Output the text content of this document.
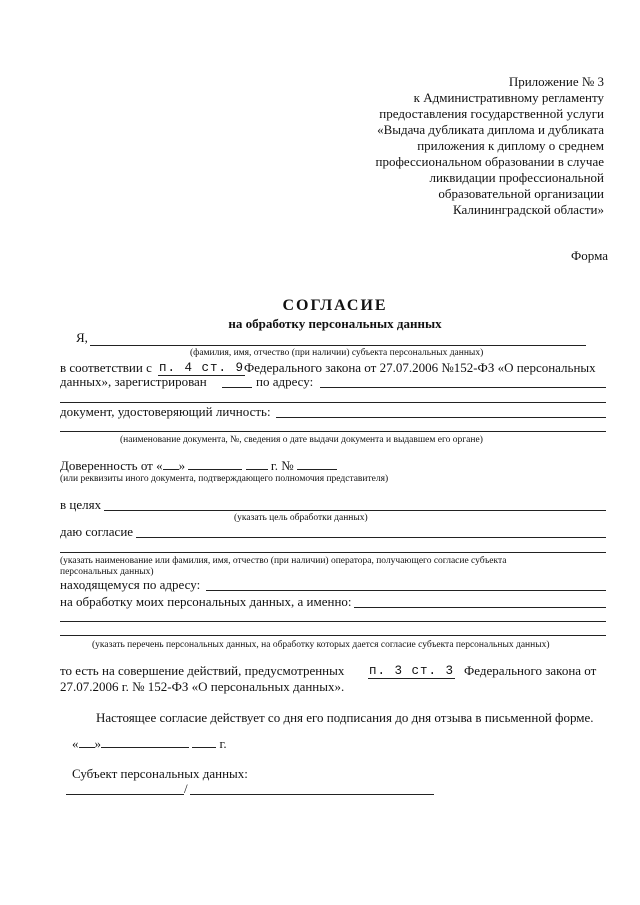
Приложение № 3
к Административному регламенту
предоставления государственной услуги
«Выдача дубликата диплома и дубликата
приложения к диплому о среднем
профессиональном образовании в случае
ликвидации профессиональной
образовательной организации
Калининградской области»
Форма
СОГЛАСИЕ
на обработку персональных данных
Я,
(фамилия, имя, отчество (при наличии) субъекта персональных данных)
в соответствии с п. 4 ст. 9 Федерального закона от 27.07.2006 №152-ФЗ «О персональных
данных», зарегистрирован	по адресу:
документ, удостоверяющий личность:
(наименование документа, №, сведения о дате выдачи документа и выдавшем его органе)
Доверенность от « »	г. №
(или реквизиты иного документа, подтверждающего полномочия представителя)
в целях
(указать цель обработки данных)
даю согласие
(указать наименование или фамилия, имя, отчество (при наличии) оператора, получающего согласие субъекта
персональных данных)
находящемуся по адресу:
на обработку моих персональных данных, а именно:
(указать перечень персональных данных, на обработку которых дается согласие субъекта персональных данных)
то есть на совершение действий, предусмотренных п. 3 ст. 3 Федерального закона от
27.07.2006 г. № 152-ФЗ «О персональных данных».
Настоящее согласие действует со дня его подписания до дня отзыва в письменной форме.
« »	г.
Субъект персональных данных:
/
